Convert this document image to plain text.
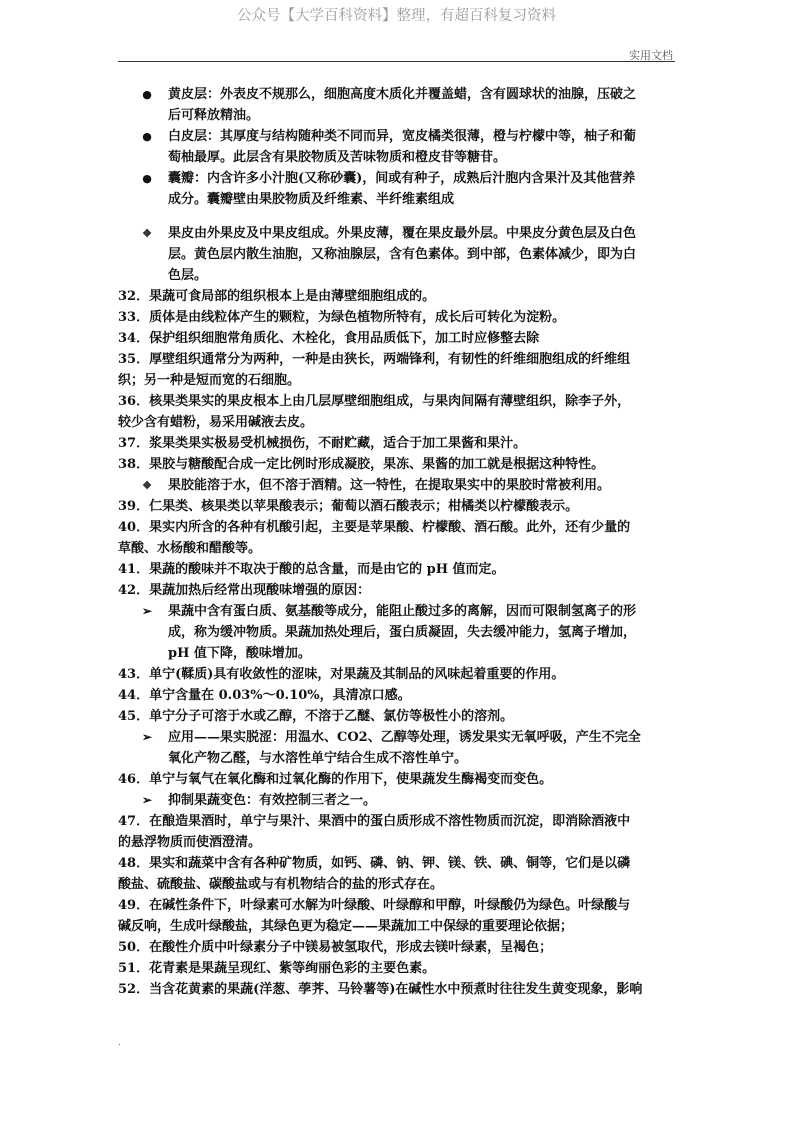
公众号【大学百科资料】整理，有超百科复习资料
实用文档
●	黄皮层：外表皮不规那么，细胞高度木质化并覆盖蜡，含有圆球状的油腺，压破之
后可释放精油。
●	白皮层：其厚度与结构随种类不同而异，宽皮橘类很薄，橙与柠檬中等，柚子和葡
萄柚最厚。此层含有果胶物质及苦味物质和橙皮苷等糖苷。
●	囊瓣：内含许多小汁胞(又称砂囊)，间或有种子，成熟后汁胞内含果汁及其他营养
成分。囊瓣壁由果胶物质及纤维素、半纤维素组成
❖	果皮由外果皮及中果皮组成。外果皮薄，覆在果皮最外层。中果皮分黄色层及白色
层。黄色层内散生油胞，又称油腺层，含有色素体。到中部，色素体减少，即为白
色层。
32．果蔬可食局部的组织根本上是由薄壁细胞组成的。
33．质体是由线粒体产生的颗粒，为绿色植物所特有，成长后可转化为淀粉。
34．保护组织细胞常角质化、木栓化，食用品质低下，加工时应修整去除
35．厚壁组织通常分为两种，一种是由狭长，两端锋利，有韧性的纤维细胞组成的纤维组
织；另一种是短而宽的石细胞。
36．核果类果实的果皮根本上由几层厚壁细胞组成，与果肉间隔有薄壁组织，除李子外，
较少含有蜡粉，易采用碱液去皮。
37．浆果类果实极易受机械损伤，不耐贮藏，适合于加工果酱和果汁。
38．果胶与糖酸配合成一定比例时形成凝胶，果冻、果酱的加工就是根据这种特性。
❖	果胶能溶于水，但不溶于酒精。这一特性，在提取果实中的果胶时常被利用。
39．仁果类、核果类以苹果酸表示；葡萄以酒石酸表示；柑橘类以柠檬酸表示。
40．果实内所含的各种有机酸引起，主要是苹果酸、柠檬酸、酒石酸。此外，还有少量的
草酸、水杨酸和醋酸等。
41．果蔬的酸味并不取决于酸的总含量，而是由它的 pH 值而定。
42．果蔬加热后经常出现酸味增强的原因：
➢	果蔬中含有蛋白质、氨基酸等成分，能阻止酸过多的离解，因而可限制氢离子的形
成，称为缓冲物质。果蔬加热处理后，蛋白质凝固，失去缓冲能力，氢离子增加，
pH 值下降，酸味增加。
43．单宁(鞣质)具有收敛性的涩味，对果蔬及其制品的风味起着重要的作用。
44．单宁含量在 0.03%～0.10%，具清凉口感。
45．单宁分子可溶于水或乙醇，不溶于乙醚、氯仿等极性小的溶剂。
➢	应用——果实脱涩：用温水、CO2、乙醇等处理，诱发果实无氧呼吸，产生不完全
氧化产物乙醛，与水溶性单宁结合生成不溶性单宁。
46．单宁与氧气在氧化酶和过氧化酶的作用下，使果蔬发生酶褐变而变色。
➢	抑制果蔬变色：有效控制三者之一。
47．在酿造果酒时，单宁与果汁、果酒中的蛋白质形成不溶性物质而沉淀，即消除酒液中
的悬浮物质而使酒澄清。
48．果实和蔬菜中含有各种矿物质，如钙、磷、钠、钾、镁、铁、碘、铜等，它们是以磷
酸盐、硫酸盐、碳酸盐或与有机物结合的盐的形式存在。
49．在碱性条件下，叶绿素可水解为叶绿酸、叶绿醇和甲醇，叶绿酸仍为绿色。叶绿酸与
碱反响，生成叶绿酸盐，其绿色更为稳定——果蔬加工中保绿的重要理论依据；
50．在酸性介质中叶绿素分子中镁易被氢取代，形成去镁叶绿素，呈褐色；
51．花青素是果蔬呈现红、紫等绚丽色彩的主要色素。
52．当含花黄素的果蔬(洋葱、荸荠、马铃薯等)在碱性水中预煮时往往发生黄变现象，影响
.
